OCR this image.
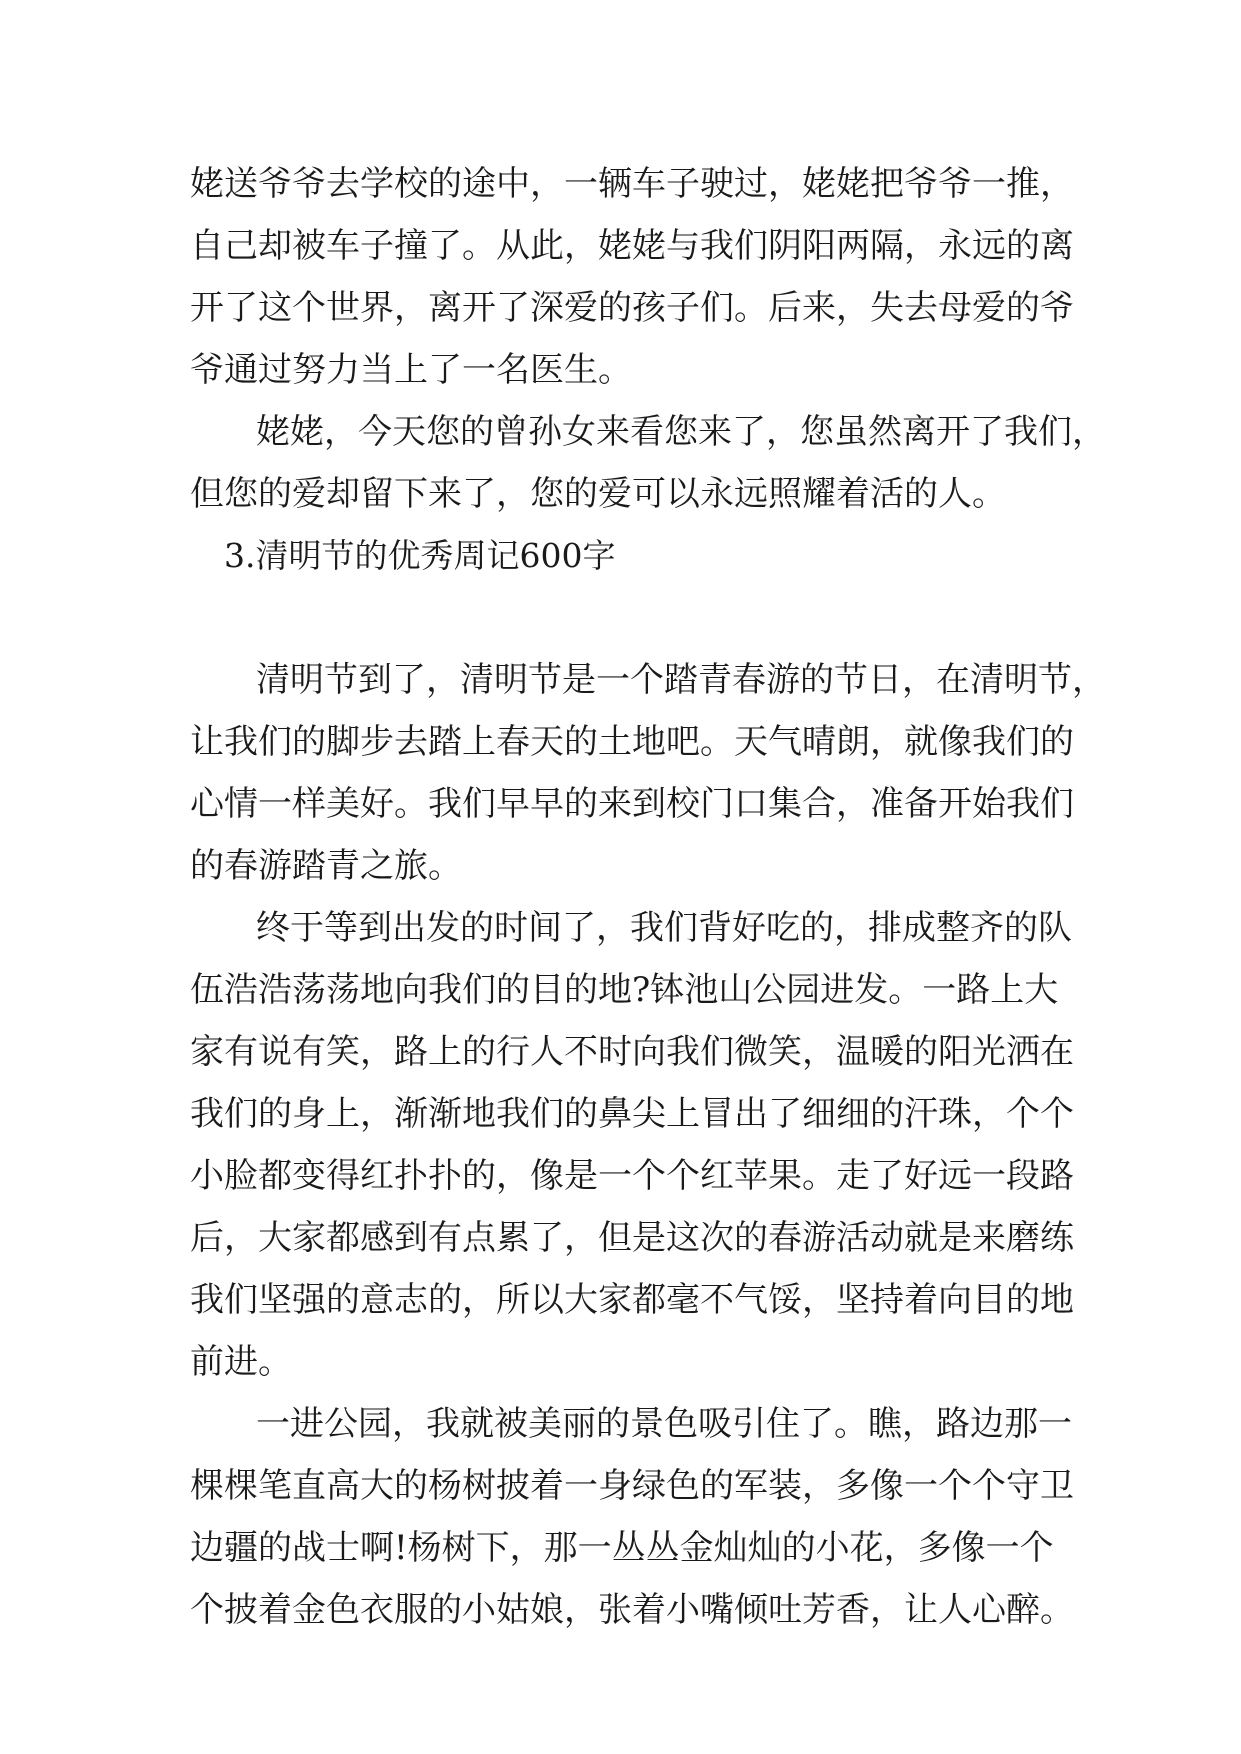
姥送爷爷去学校的途中，一辆车子驶过，姥姥把爷爷一推，
自己却被车子撞了。从此，姥姥与我们阴阳两隔，永远的离
开了这个世界，离开了深爱的孩子们。后来，失去母爱的爷
爷通过努力当上了一名医生。
姥姥，今天您的曾孙女来看您来了，您虽然离开了我们，
但您的爱却留下来了，您的爱可以永远照耀着活的人。
3.清明节的优秀周记600字
清明节到了，清明节是一个踏青春游的节日，在清明节，
让我们的脚步去踏上春天的土地吧。天气晴朗，就像我们的
心情一样美好。我们早早的来到校门口集合，准备开始我们
的春游踏青之旅。
终于等到出发的时间了，我们背好吃的，排成整齐的队
伍浩浩荡荡地向我们的目的地?钵池山公园进发。一路上大
家有说有笑，路上的行人不时向我们微笑，温暖的阳光洒在
我们的身上，渐渐地我们的鼻尖上冒出了细细的汗珠，个个
小脸都变得红扑扑的，像是一个个红苹果。走了好远一段路
后，大家都感到有点累了，但是这次的春游活动就是来磨练
我们坚强的意志的，所以大家都毫不气馁，坚持着向目的地
前进。
一进公园，我就被美丽的景色吸引住了。瞧，路边那一
棵棵笔直高大的杨树披着一身绿色的军装，多像一个个守卫
边疆的战士啊!杨树下，那一丛丛金灿灿的小花，多像一个
个披着金色衣服的小姑娘，张着小嘴倾吐芳香，让人心醉。
